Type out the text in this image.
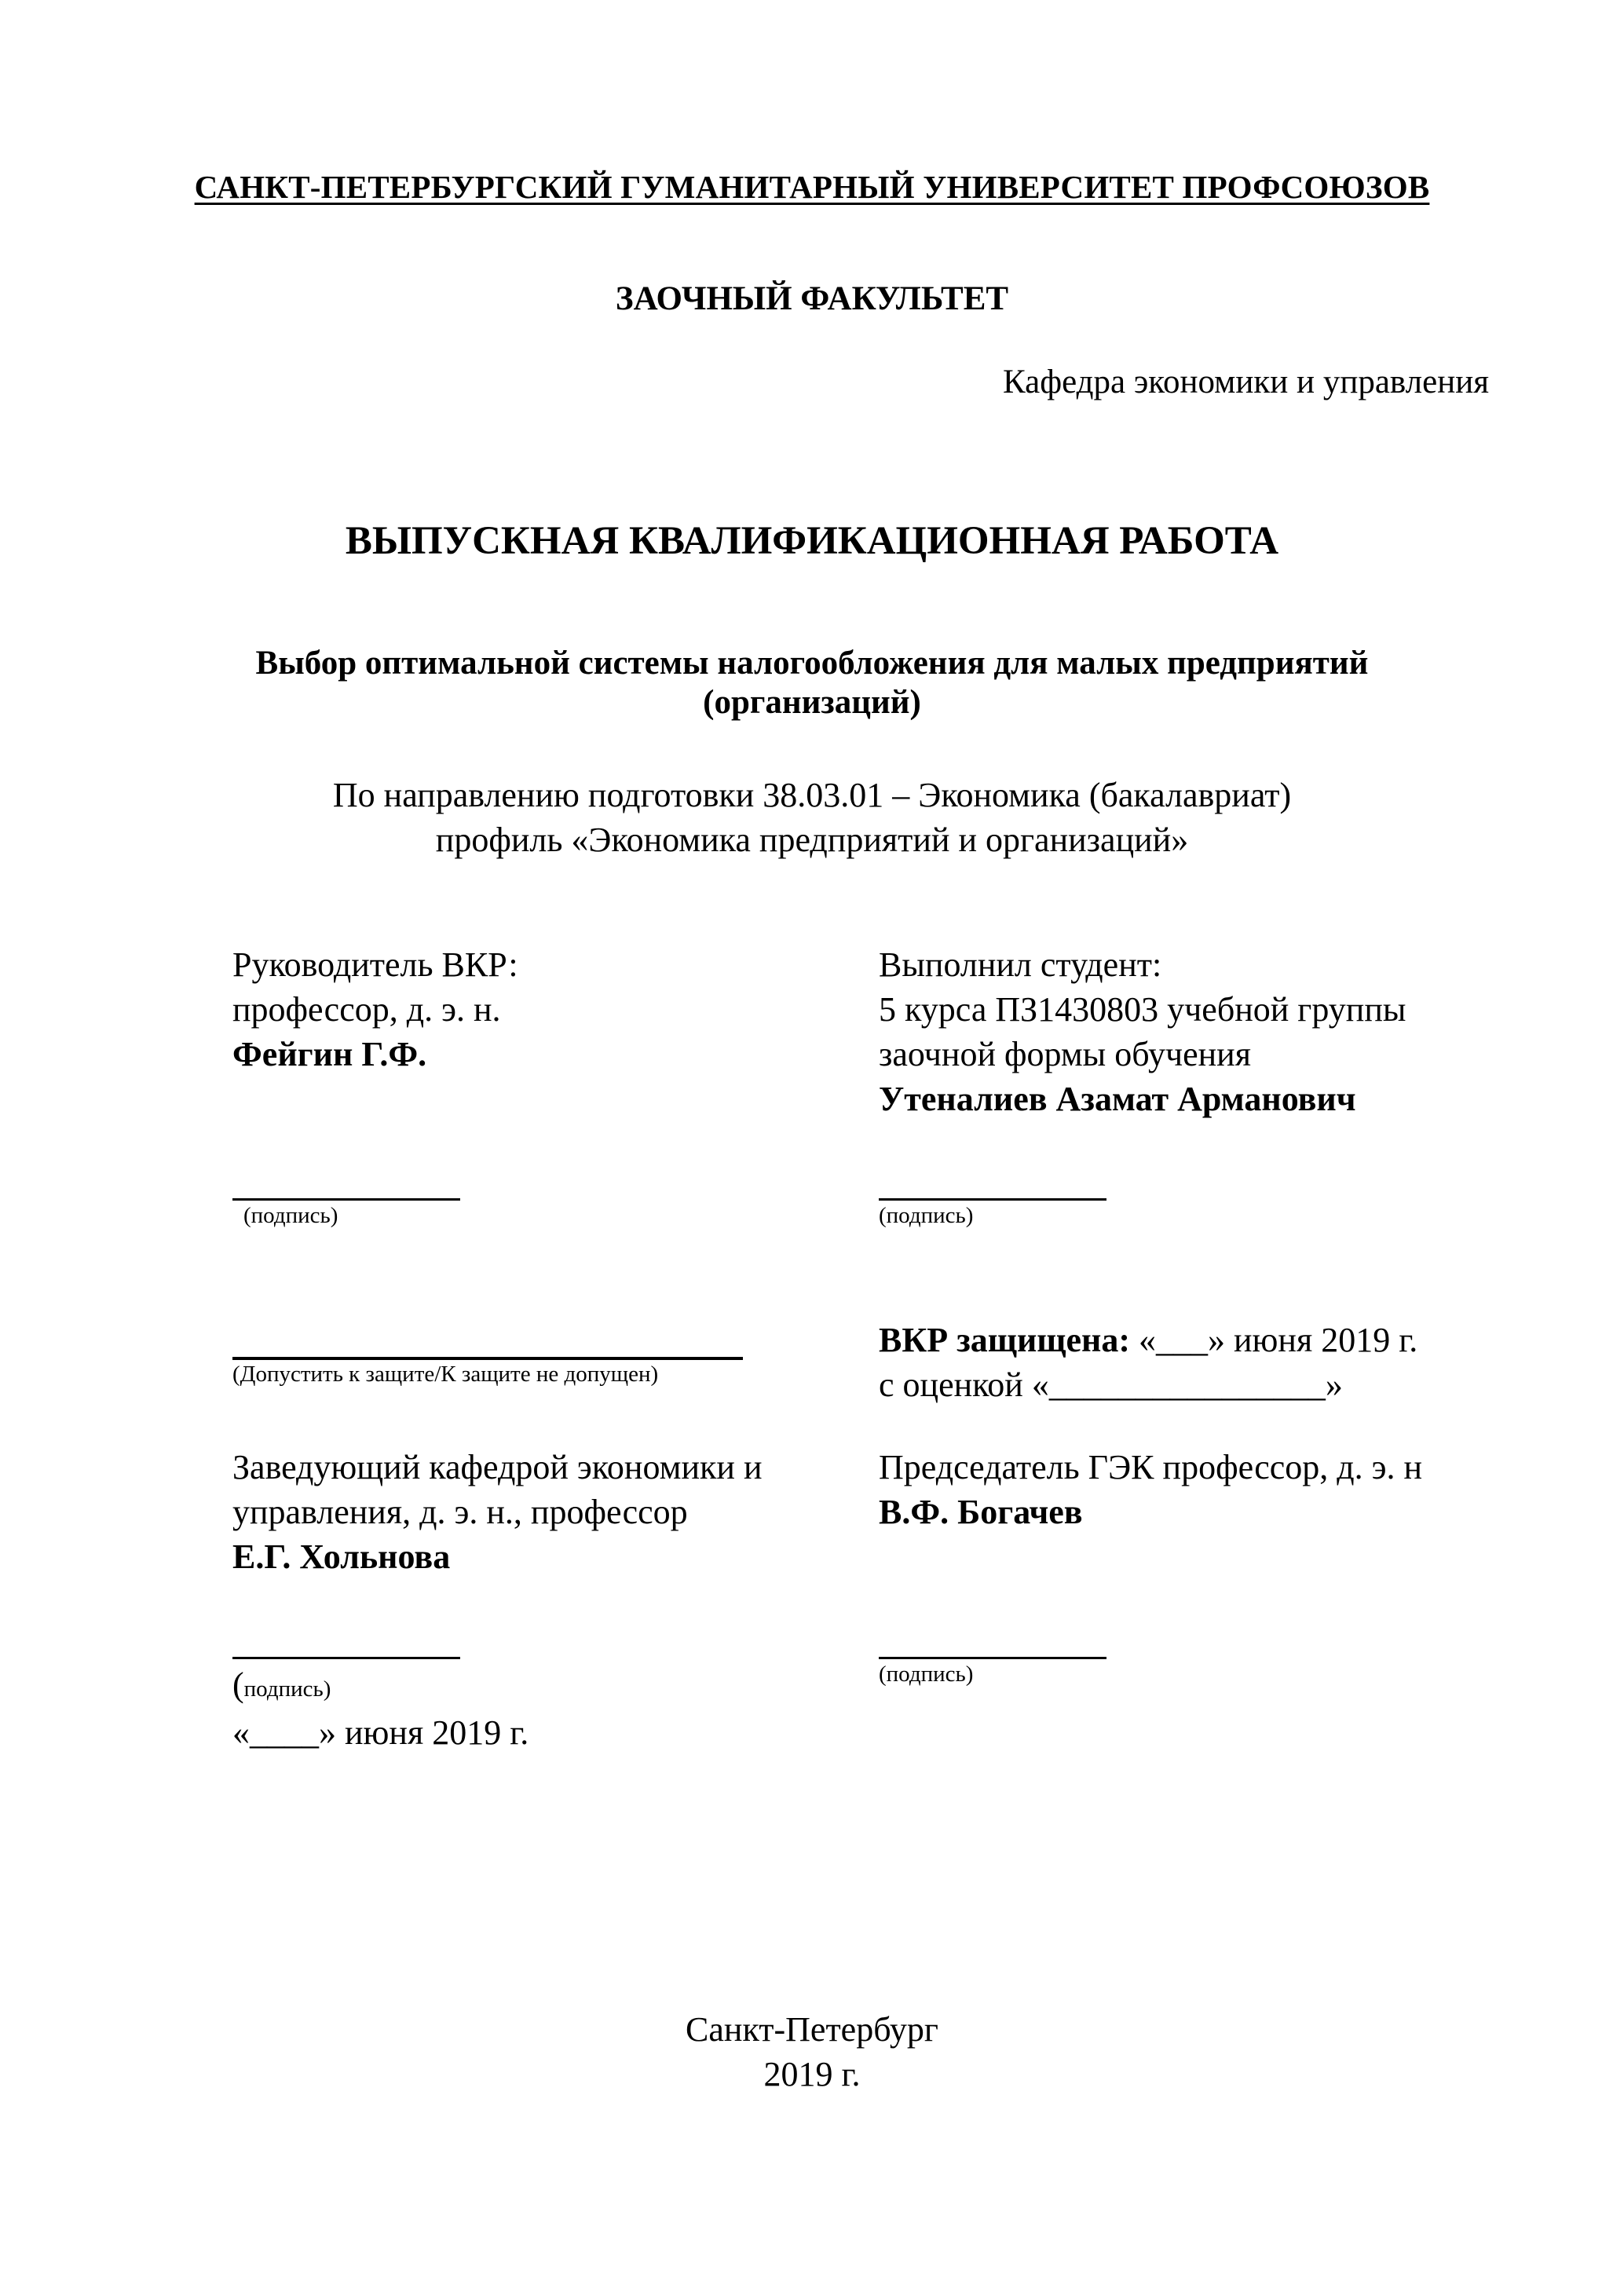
САНКТ-ПЕТЕРБУРГСКИЙ ГУМАНИТАРНЫЙ УНИВЕРСИТЕТ ПРОФСОЮЗОВ
ЗАОЧНЫЙ ФАКУЛЬТЕТ
Кафедра экономики и управления
ВЫПУСКНАЯ КВАЛИФИКАЦИОННАЯ РАБОТА
Выбор оптимальной системы налогообложения для малых предприятий
(организаций)
По направлению подготовки 38.03.01 – Экономика (бакалавриат)
профиль «Экономика предприятий и организаций»
Руководитель ВКР:
профессор, д. э. н.
Фейгин Г.Ф.
Выполнил студент:
5 курса ПЗ1430803 учебной группы
заочной формы обучения
Утеналиев Азамат Арманович
(подпись)	(подпись)
(Допустить к защите/К защите не допущен)
ВКР защищена: «___» июня 2019 г.
с оценкой «________________»
Заведующий кафедрой экономики и
управления, д. э. н., профессор
Е.Г. Хольнова
Председатель ГЭК профессор, д. э. н
В.Ф. Богачев
(подпись)
«____» июня 2019 г.
(подпись)
Санкт-Петербург
2019 г.
